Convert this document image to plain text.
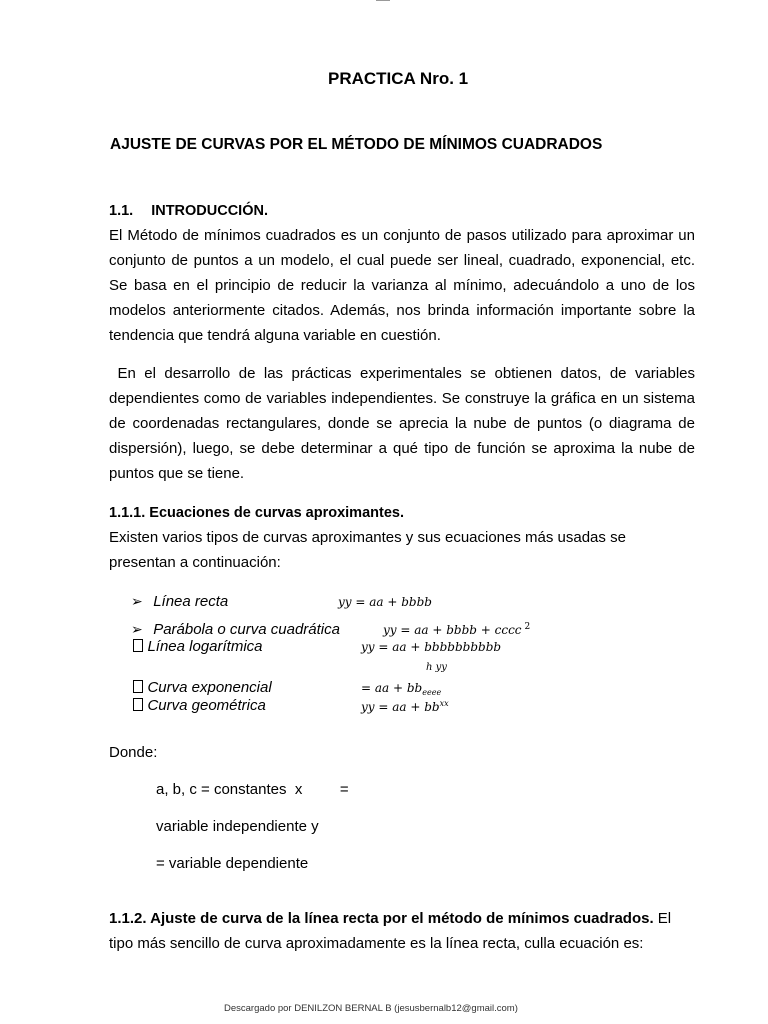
PRACTICA Nro. 1
AJUSTE DE CURVAS POR EL MÉTODO DE MÍNIMOS CUADRADOS
1.1. INTRODUCCIÓN.
El Método de mínimos cuadrados es un conjunto de pasos utilizado para aproximar un conjunto de puntos a un modelo, el cual puede ser lineal, cuadrado, exponencial, etc. Se basa en el principio de reducir la varianza al mínimo, adecuándolo a uno de los modelos anteriormente citados. Además, nos brinda información importante sobre la tendencia que tendrá alguna variable en cuestión.
En el desarrollo de las prácticas experimentales se obtienen datos, de variables dependientes como de variables independientes. Se construye la gráfica en un sistema de coordenadas rectangulares, donde se aprecia la nube de puntos (o diagrama de dispersión), luego, se debe determinar a qué tipo de función se aproxima la nube de puntos que se tiene.
1.1.1. Ecuaciones de curvas aproximantes.
Existen varios tipos de curvas aproximantes y sus ecuaciones más usadas se
presentan a continuación:
➢ Línea recta	𝑦𝑦 = 𝑎𝑎 + 𝑏𝑏𝑏𝑏
➢ Parábola o curva cuadrática	𝑦𝑦 = 𝑎𝑎 + 𝑏𝑏𝑏𝑏 + 𝑐𝑐𝑐𝑐 $^2$
Línea logarítmica	𝑦𝑦 = 𝑎𝑎 + 𝑏𝑏𝑏𝑏𝑏𝑏𝑏𝑏𝑏𝑏
h 𝑦𝑦
Curva exponencial	= 𝑎𝑎 + 𝑏𝑏$_{𝑒𝑒𝑒𝑒}$
Curva geométrica	𝑦𝑦 = 𝑎𝑎 + 𝑏𝑏$^{𝑥𝑥}$
Donde:
a, b, c = constantes  x         =
variable independiente y
= variable dependiente
1.1.2. Ajuste de curva de la línea recta por el método de mínimos cuadrados. El
tipo más sencillo de curva aproximadamente es la línea recta, culla ecuación es:
Descargado por DENILZON BERNAL B (jesusbernalb12@gmail.com)
